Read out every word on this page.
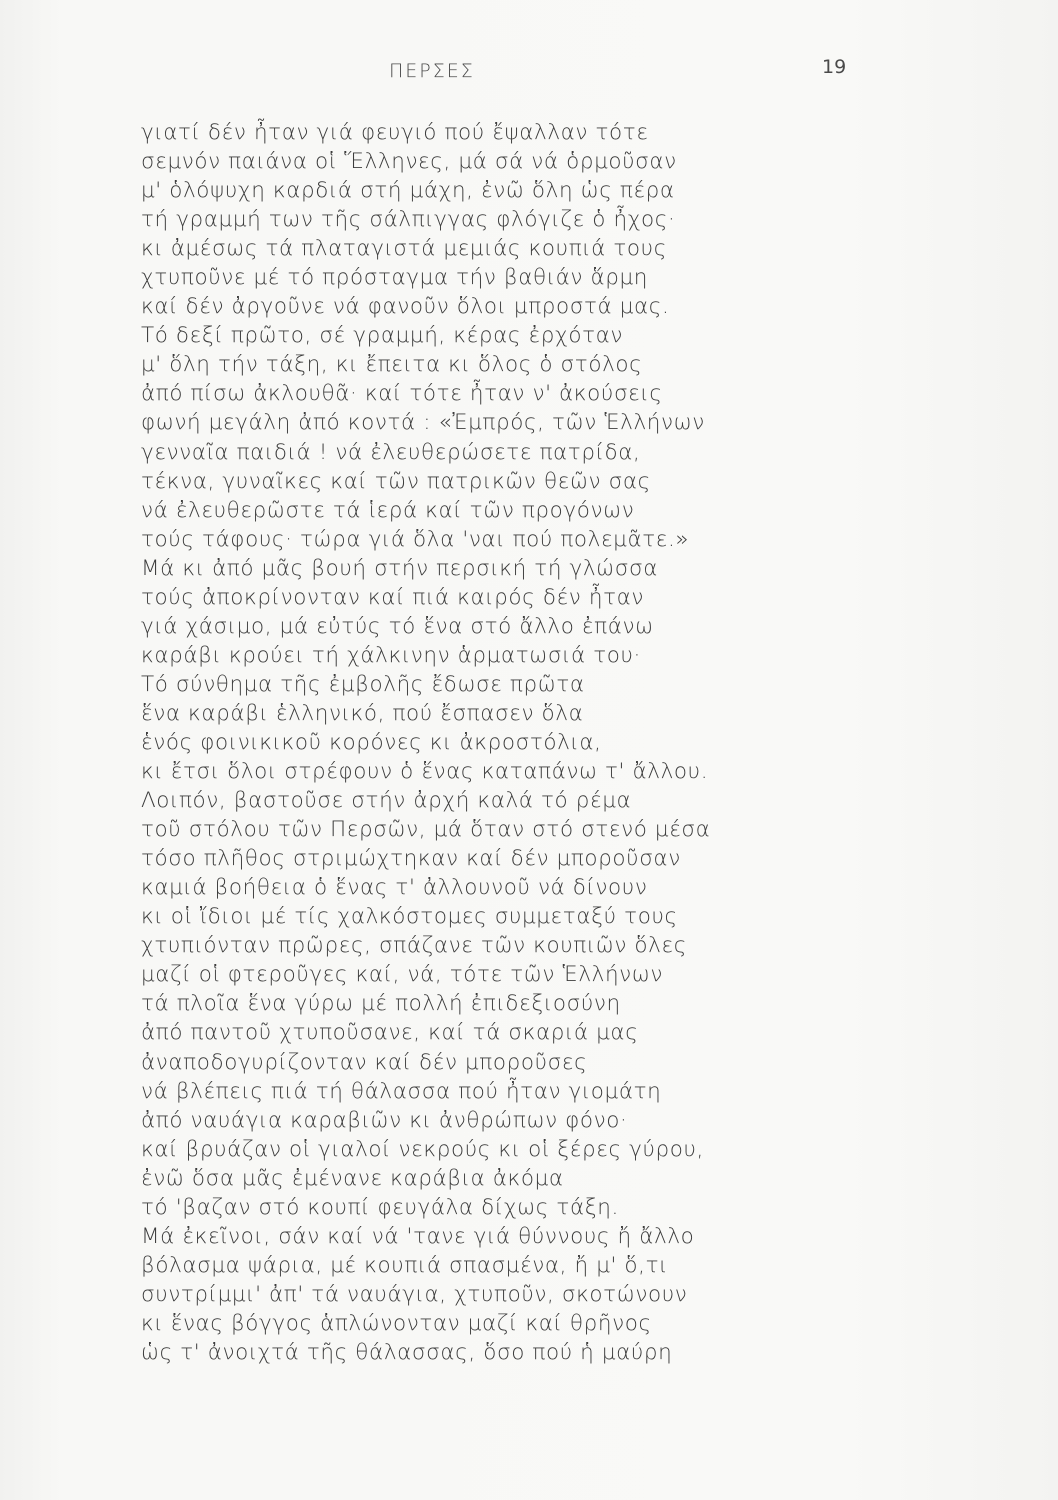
ΠΕΡΣΕΣ	19
γιατί δέν ἦταν γιά φευγιό πού ἔψαλλαν τότε
σεμνόν παιάνα οἱ Ἕλληνες, μά σά νά ὁρμοῦσαν
μ' ὁλόψυχη καρδιά στή μάχη, ἐνῶ ὅλη ὡς πέρα
τή γραμμή των τῆς σάλπιγγας φλόγιζε ὁ ἦχος·
κι ἀμέσως τά πλαταγιστά μεμιάς κουπιά τους
χτυποῦνε μέ τό πρόσταγμα τήν βαθιάν ἅρμη
καί δέν ἀργοῦνε νά φανοῦν ὅλοι μπροστά μας.
Τό δεξί πρῶτο, σέ γραμμή, κέρας ἐρχόταν
μ' ὅλη τήν τάξη, κι ἔπειτα κι ὅλος ὁ στόλος
ἀπό πίσω ἀκλουθᾶ· καί τότε ἦταν ν' ἀκούσεις
φωνή μεγάλη ἀπό κοντά : «Ἐμπρός, τῶν Ἑλλήνων
γενναῖα παιδιά ! νά ἐλευθερώσετε πατρίδα,
τέκνα, γυναῖκες καί τῶν πατρικῶν θεῶν σας
νά ἐλευθερῶστε τά ἱερά καί τῶν προγόνων
τούς τάφους· τώρα γιά ὅλα 'ναι πού πολεμᾶτε.»
Μά κι ἀπό μᾶς βουή στήν περσική τή γλώσσα
τούς ἀποκρίνονταν καί πιά καιρός δέν ἦταν
γιά χάσιμο, μά εὐτύς τό ἕνα στό ἄλλο ἐπάνω
καράβι κρούει τή χάλκινην ἁρματωσιά του·
Τό σύνθημα τῆς ἐμβολῆς ἔδωσε πρῶτα
ἕνα καράβι ἑλληνικό, πού ἔσπασεν ὅλα
ἑνός φοινικικοῦ κορόνες κι ἀκροστόλια,
κι ἔτσι ὅλοι στρέφουν ὁ ἕνας καταπάνω τ' ἄλλου.
Λοιπόν, βαστοῦσε στήν ἀρχή καλά τό ρέμα
τοῦ στόλου τῶν Περσῶν, μά ὅταν στό στενό μέσα
τόσο πλῆθος στριμώχτηκαν καί δέν μποροῦσαν
καμιά βοήθεια ὁ ἕνας τ' ἀλλουνοῦ νά δίνουν
κι οἱ ἴδιοι μέ τίς χαλκόστομες συμμεταξύ τους
χτυπιόνταν πρῶρες, σπάζανε τῶν κουπιῶν ὅλες
μαζί οἱ φτεροῦγες καί, νά, τότε τῶν Ἑλλήνων
τά πλοῖα ἕνα γύρω μέ πολλή ἐπιδεξιοσύνη
ἀπό παντοῦ χτυποῦσανε, καί τά σκαριά μας
ἀναποδογυρίζονταν καί δέν μποροῦσες
νά βλέπεις πιά τή θάλασσα πού ἦταν γιομάτη
ἀπό ναυάγια καραβιῶν κι ἀνθρώπων φόνο·
καί βρυάζαν οἱ γιαλοί νεκρούς κι οἱ ξέρες γύρου,
ἐνῶ ὅσα μᾶς ἐμένανε καράβια ἀκόμα
τό 'βαζαν στό κουπί φευγάλα δίχως τάξη.
Μά ἐκεῖνοι, σάν καί νά 'τανε γιά θύννους ἤ ἄλλο
βόλασμα ψάρια, μέ κουπιά σπασμένα, ἤ μ' ὅ,τι
συντρίμμι' ἀπ' τά ναυάγια, χτυποῦν, σκοτώνουν
κι ἕνας βόγγος ἁπλώνονταν μαζί καί θρῆνος
ὡς τ' ἀνοιχτά τῆς θάλασσας, ὅσο πού ἡ μαύρη
